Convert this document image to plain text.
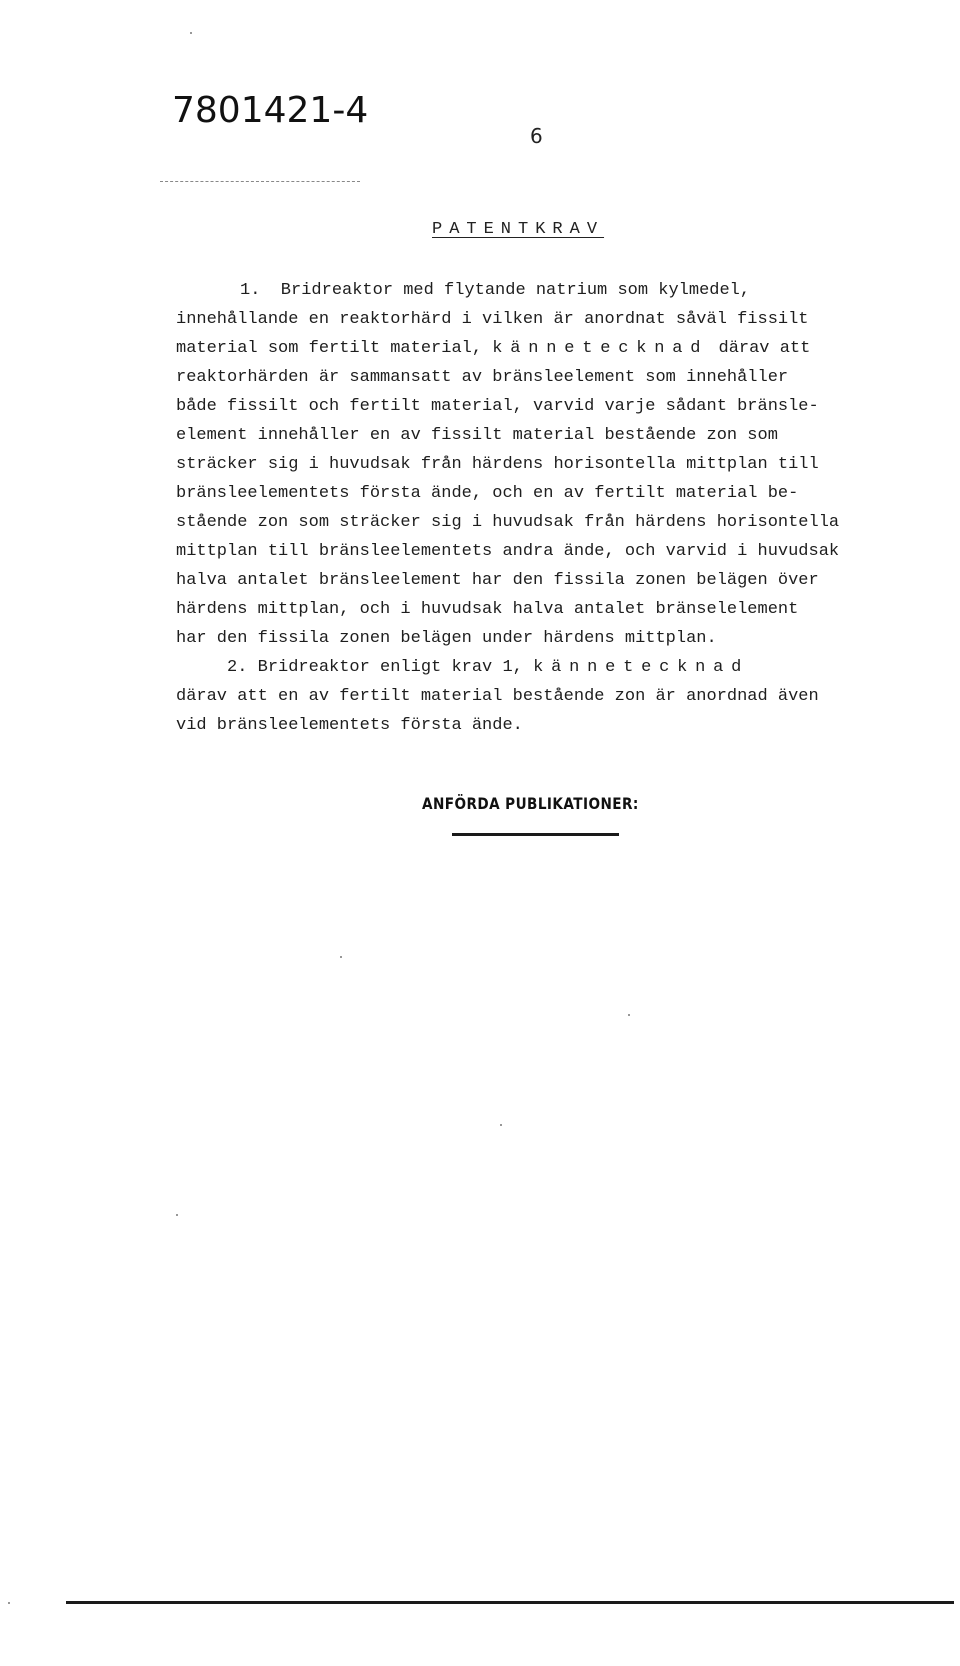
7801421-4
6
PATENTKRAV
1.  Bridreaktor med flytande natrium som kylmedel,
innehållande en reaktorhärd i vilken är anordnat såväl fissilt
material som fertilt material, kännetecknad därav att
reaktorhärden är sammansatt av bränsleelement som innehåller
både fissilt och fertilt material, varvid varje sådant bränsle-
element innehåller en av fissilt material bestående zon som
sträcker sig i huvudsak från härdens horisontella mittplan till
bränsleelementets första ände, och en av fertilt material be-
stående zon som sträcker sig i huvudsak från härdens horisontella
mittplan till bränsleelementets andra ände, och varvid i huvudsak
halva antalet bränsleelement har den fissila zonen belägen över
härdens mittplan, och i huvudsak halva antalet bränselelement
har den fissila zonen belägen under härdens mittplan.
2. Bridreaktor enligt krav 1, kännetecknad
därav att en av fertilt material bestående zon är anordnad även
vid bränsleelementets första ände.
ANFÖRDA PUBLIKATIONER:
